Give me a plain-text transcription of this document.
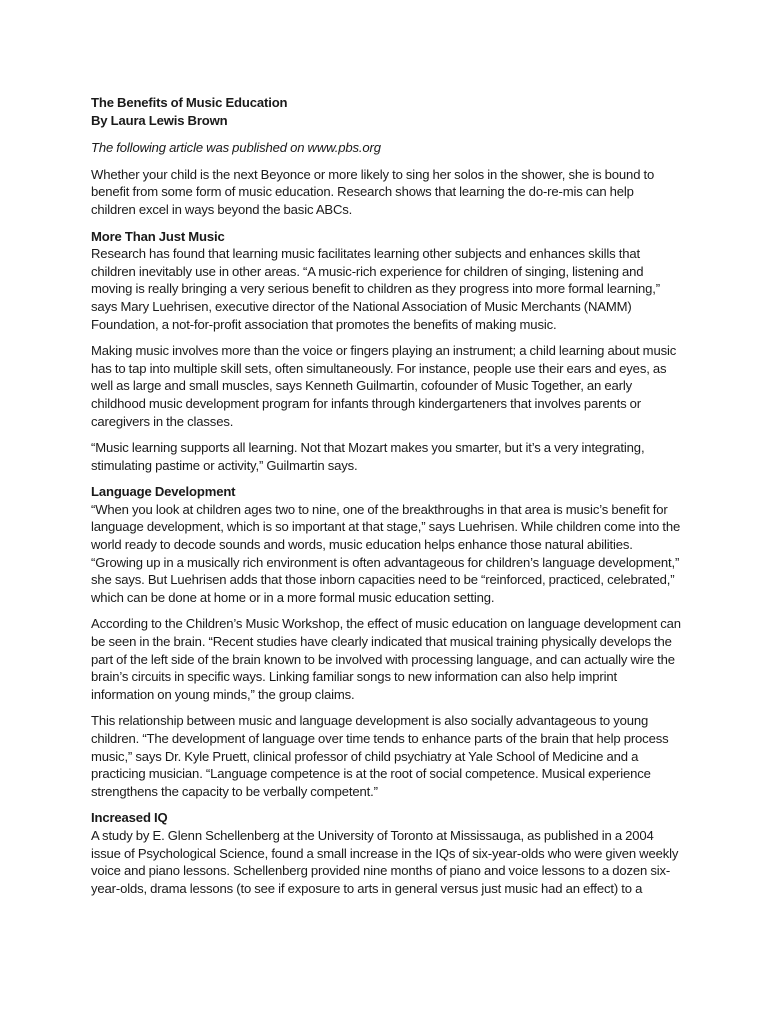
The Benefits of Music Education
By Laura Lewis Brown

The following article was published on www.pbs.org

Whether your child is the next Beyonce or more likely to sing her solos in the shower, she is bound to benefit from some form of music education. Research shows that learning the do-re-mis can help children excel in ways beyond the basic ABCs.

More Than Just Music

Research has found that learning music facilitates learning other subjects and enhances skills that children inevitably use in other areas. “A music-rich experience for children of singing, listening and moving is really bringing a very serious benefit to children as they progress into more formal learning,” says Mary Luehrisen, executive director of the National Association of Music Merchants (NAMM) Foundation, a not-for-profit association that promotes the benefits of making music.

Making music involves more than the voice or fingers playing an instrument; a child learning about music has to tap into multiple skill sets, often simultaneously. For instance, people use their ears and eyes, as well as large and small muscles, says Kenneth Guilmartin, cofounder of Music Together, an early childhood music development program for infants through kindergarteners that involves parents or caregivers in the classes.

“Music learning supports all learning. Not that Mozart makes you smarter, but it’s a very integrating, stimulating pastime or activity,” Guilmartin says.

Language Development

“When you look at children ages two to nine, one of the breakthroughs in that area is music’s benefit for language development, which is so important at that stage,” says Luehrisen. While children come into the world ready to decode sounds and words, music education helps enhance those natural abilities. “Growing up in a musically rich environment is often advantageous for children’s language development,” she says. But Luehrisen adds that those inborn capacities need to be “reinforced, practiced, celebrated,” which can be done at home or in a more formal music education setting.

According to the Children’s Music Workshop, the effect of music education on language development can be seen in the brain. “Recent studies have clearly indicated that musical training physically develops the part of the left side of the brain known to be involved with processing language, and can actually wire the brain’s circuits in specific ways. Linking familiar songs to new information can also help imprint information on young minds,” the group claims.

This relationship between music and language development is also socially advantageous to young children. “The development of language over time tends to enhance parts of the brain that help process music,” says Dr. Kyle Pruett, clinical professor of child psychiatry at Yale School of Medicine and a practicing musician. “Language competence is at the root of social competence. Musical experience strengthens the capacity to be verbally competent.”

Increased IQ

A study by E. Glenn Schellenberg at the University of Toronto at Mississauga, as published in a 2004 issue of Psychological Science, found a small increase in the IQs of six-year-olds who were given weekly voice and piano lessons. Schellenberg provided nine months of piano and voice lessons to a dozen six-year-olds, drama lessons (to see if exposure to arts in general versus just music had an effect) to a
